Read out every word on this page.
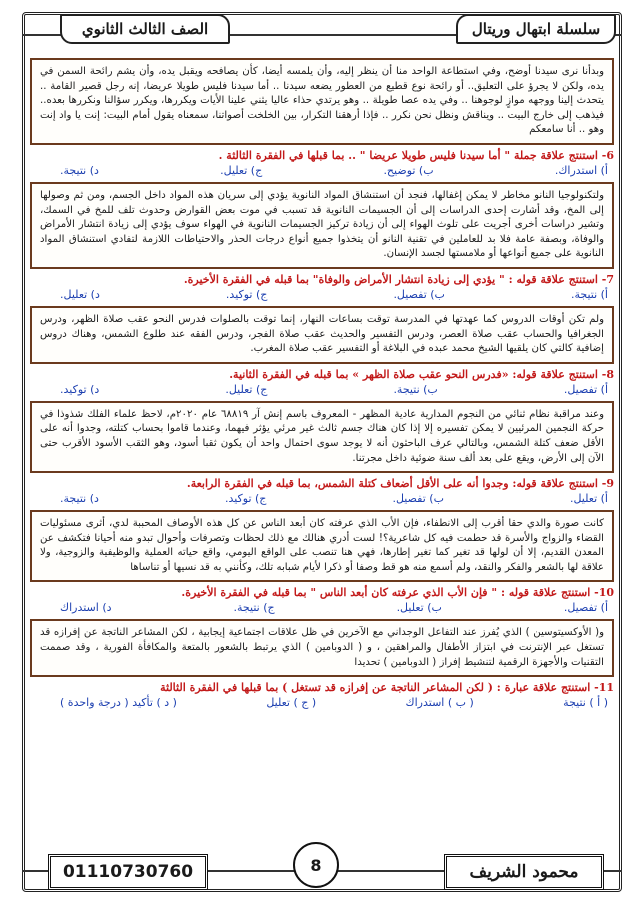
سلسلة ابتهال وريتال
الصف الثالث الثانوي
وبدأنا نرى سيدنا أوضح، وفي استطاعة الواحد منا أن ينظر إليه، وأن يلمسه أيضا، كأن يصافحه ويقبل يده، وأن يشم رائحة السمن في يده، ولكن لا يجرؤ على التعليق.. أو رائحة نوع قطيع من العطور يضعه سيدنا .. أما سيدنا فليس طويلا عريضا، إنه رجل قصير القامة .. يتحدث إلينا ووجهه موازٍ لوجوهنا .. وفي يده عصا طويلة .. وهو يرتدي حذاء عاليا يثني علينا الأيات ويكررها، ويكرر سؤالنا ونكررها بعده.. فيذهب إلى خارج البيت .. ويناقش ونظل نحن نكرر .. فإذا أرهقنا التكرار، بين الخلخت أصواتنا، سمعناه يقول أمام البيت: إنت يا واد إنت وهو .. أنا سامعكم
6- استنتج علاقة جملة " أما سيدنا فليس طويلا عريضا " .. بما قبلها في الفقرة الثالثة .
أ) استدراك.
ب) توضيح.
ج) تعليل.
د) نتيجة.
ولتكنولوجيا النانو مخاطر لا يمكن إغفالها، فنجد أن استنشاق المواد النانوية يؤدي إلى سريان هذه المواد داخل الجسم، ومن ثم وصولها إلى المخ، وقد أشارت إحدى الدراسات إلى أن الجسيمات النانوية قد تسبب في موت بعض القوارض وحدوث تلف للمخ في السمك، وتشير دراسات أخرى أجريت على تلوث الهواء إلى أن زيادة تركيز الجسيمات النانوية في الهواء سوف يؤدي إلى زيادة انتشار الأمراض والوفاة، وبصفة عامة فلا بد للعاملين في تقنية النانو أن يتخذوا جميع أنواع درجات الحذر والاحتياطات اللازمة لتفادي استنشاق المواد النانوية على جميع أنواعها أو ملامستها لجسد الإنسان.
7- استنتج علاقة قوله : " يؤدي إلى زيادة انتشار الأمراض والوفاة" بما قبله في الفقرة الأخيرة.
أ) نتيجة.
ب) تفصيل.
ج) توكيد.
د) تعليل.
ولم تكن أوقات الدروس كما عهدتها في المدرسة توقت بساعات النهار، إنما توقت بالصلوات فدرس النحو عقب صلاة الظهر، ودرس الجغرافيا والحساب عقب صلاة العصر، ودرس التفسير والحديث عقب صلاة الفجر، ودرس الفقه عند طلوع الشمس، وهناك دروس إضافية كالتي كان يلقيها الشيخ محمد عبده في البلاغة أو التفسير عقب صلاة المغرب.
8- استنتج علاقة قوله: «فدرس النحو عقب صلاة الظهر » بما قبله في الفقرة الثانية.
أ) تفصيل.
ب) نتيجة.
ج) تعليل.
د) توكيد.
وعند مراقبة نظام ثنائي من النجوم المدارية عادية المظهر - المعروف باسم إنش آر ٦٨٨١٩ عام ٢٠٢٠م، لاحظ علماء الفلك شذوذا في حركة النجمين المرئيين لا يمكن تفسيره إلا إذا كان هناك جسم ثالث غير مرئي يؤثر فيهما، وعندما قاموا بحساب كتلته، وجدوا أنه على الأقل ضعف كتلة الشمس، وبالتالي عرف الباحثون أنه لا يوجد سوى احتمال واحد أن يكون ثقبا أسود، وهو الثقب الأسود الأقرب حتى الآن إلى الأرض، ويقع على بعد ألف سنة ضوئية داخل مجرتنا.
9- استنتج علاقة قوله: وجدوا أنه على الأقل أضعاف كتلة الشمس، بما قبله في الفقرة الرابعة.
أ) تعليل.
ب) تفصيل.
ج) توكيد.
د) نتيجة.
كانت صورة والدي حقا أقرب إلى الانطفاء، فإن الأب الذي عرفته كان أبعد الناس عن كل هذه الأوصاف المحببة لدي، أثرى مسئوليات القضاء والزواج والأسرة قد حطمت فيه كل شاعرية؟! لست أدري هنالك مع ذلك لحظات وتصرفات وأحوال تبدو منه أحيانا فتكشف عن المعدن القديم، إلا أن لولها قد تغير كما تغير إطارها، فهي هنا تنصب على الواقع اليومي، واقع حياته العملية والوظيفية والزوجية، ولا علاقة لها بالشعر والفكر والنقد، ولم أسمع منه هو قط وصفا أو ذكرا لأيام شبابه تلك، وكأنني به قد نسيها أو تناساها
10- استنتج علاقة قوله : " فإن الأب الذي عرفته كان أبعد الناس " بما قبله في الفقرة الأخيرة.
أ) تفصيل.
ب) تعليل.
ج) نتيجة.
د) استدراك
و( الأوكسيتوسين ) الذي يُفرز عند التفاعل الوجداني مع الآخرين في ظل علاقات اجتماعية إيجابية ، لكن المشاعر الناتجة عن إفرازه قد تستغل عبر الإنترنت في ابتزاز الأطفال والمراهقين ، و ( الدوبامين ) الذي يرتبط بالشعور بالمتعة والمكافأة الفورية ، وقد صممت التقنيات والأجهزة الرقمية لتنشيط إفراز ( الدوبامين ) تحديدا
11- استنتج علاقة عبارة : ( لكن المشاعر الناتجة عن إفرازه قد تستغل ) بما قبلها في الفقرة الثالثة
( أ ) نتيجة
( ب ) استدراك
( ج ) تعليل
( د ) تأكيد ( درجة واحدة )
01110730760	8	محمود الشريف
